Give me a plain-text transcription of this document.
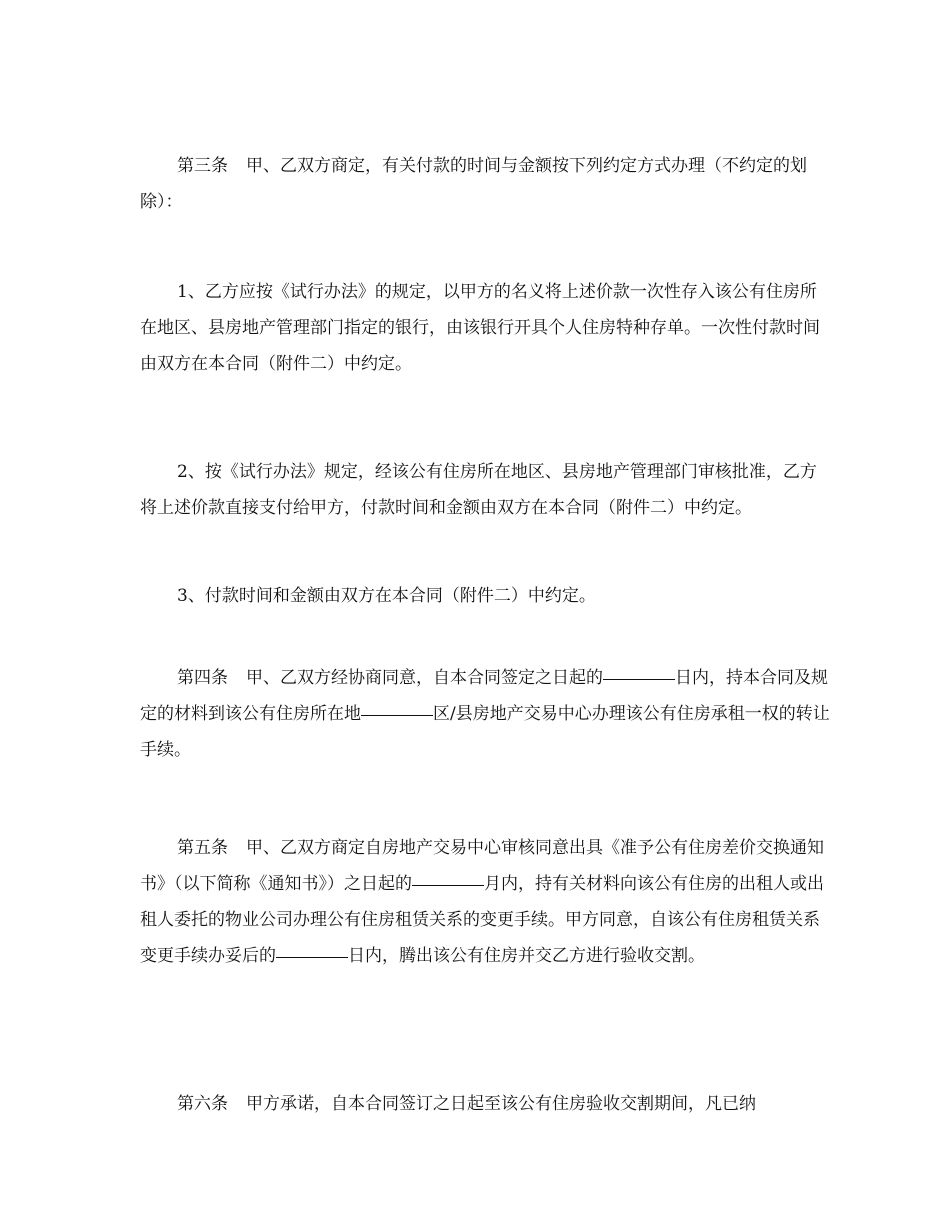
第三条 甲、乙双方商定，有关付款的时间与金额按下列约定方式办理（不约定的划除）：

1、乙方应按《试行办法》的规定，以甲方的名义将上述价款一次性存入该公有住房所在地区、县房地产管理部门指定的银行，由该银行开具个人住房特种存单。一次性付款时间由双方在本合同（附件二）中约定。

2、按《试行办法》规定，经该公有住房所在地区、县房地产管理部门审核批准，乙方将上述价款直接支付给甲方，付款时间和金额由双方在本合同（附件二）中约定。

3、付款时间和金额由双方在本合同（附件二）中约定。

第四条 甲、乙双方经协商同意，自本合同签定之日起的	日内，持本合同及规定的材料到该公有住房所在地	区/县房地产交易中心办理该公有住房承租一权的转让手续。

第五条 甲、乙双方商定自房地产交易中心审核同意出具《准予公有住房差价交换通知书》（以下简称《通知书》）之日起的	月内，持有关材料向该公有住房的出租人或出租人委托的物业公司办理公有住房租赁关系的变更手续。甲方同意，自该公有住房租赁关系变更手续办妥后的	日内，腾出该公有住房并交乙方进行验收交割。

第六条 甲方承诺，自本合同签订之日起至该公有住房验收交割期间，凡已纳
